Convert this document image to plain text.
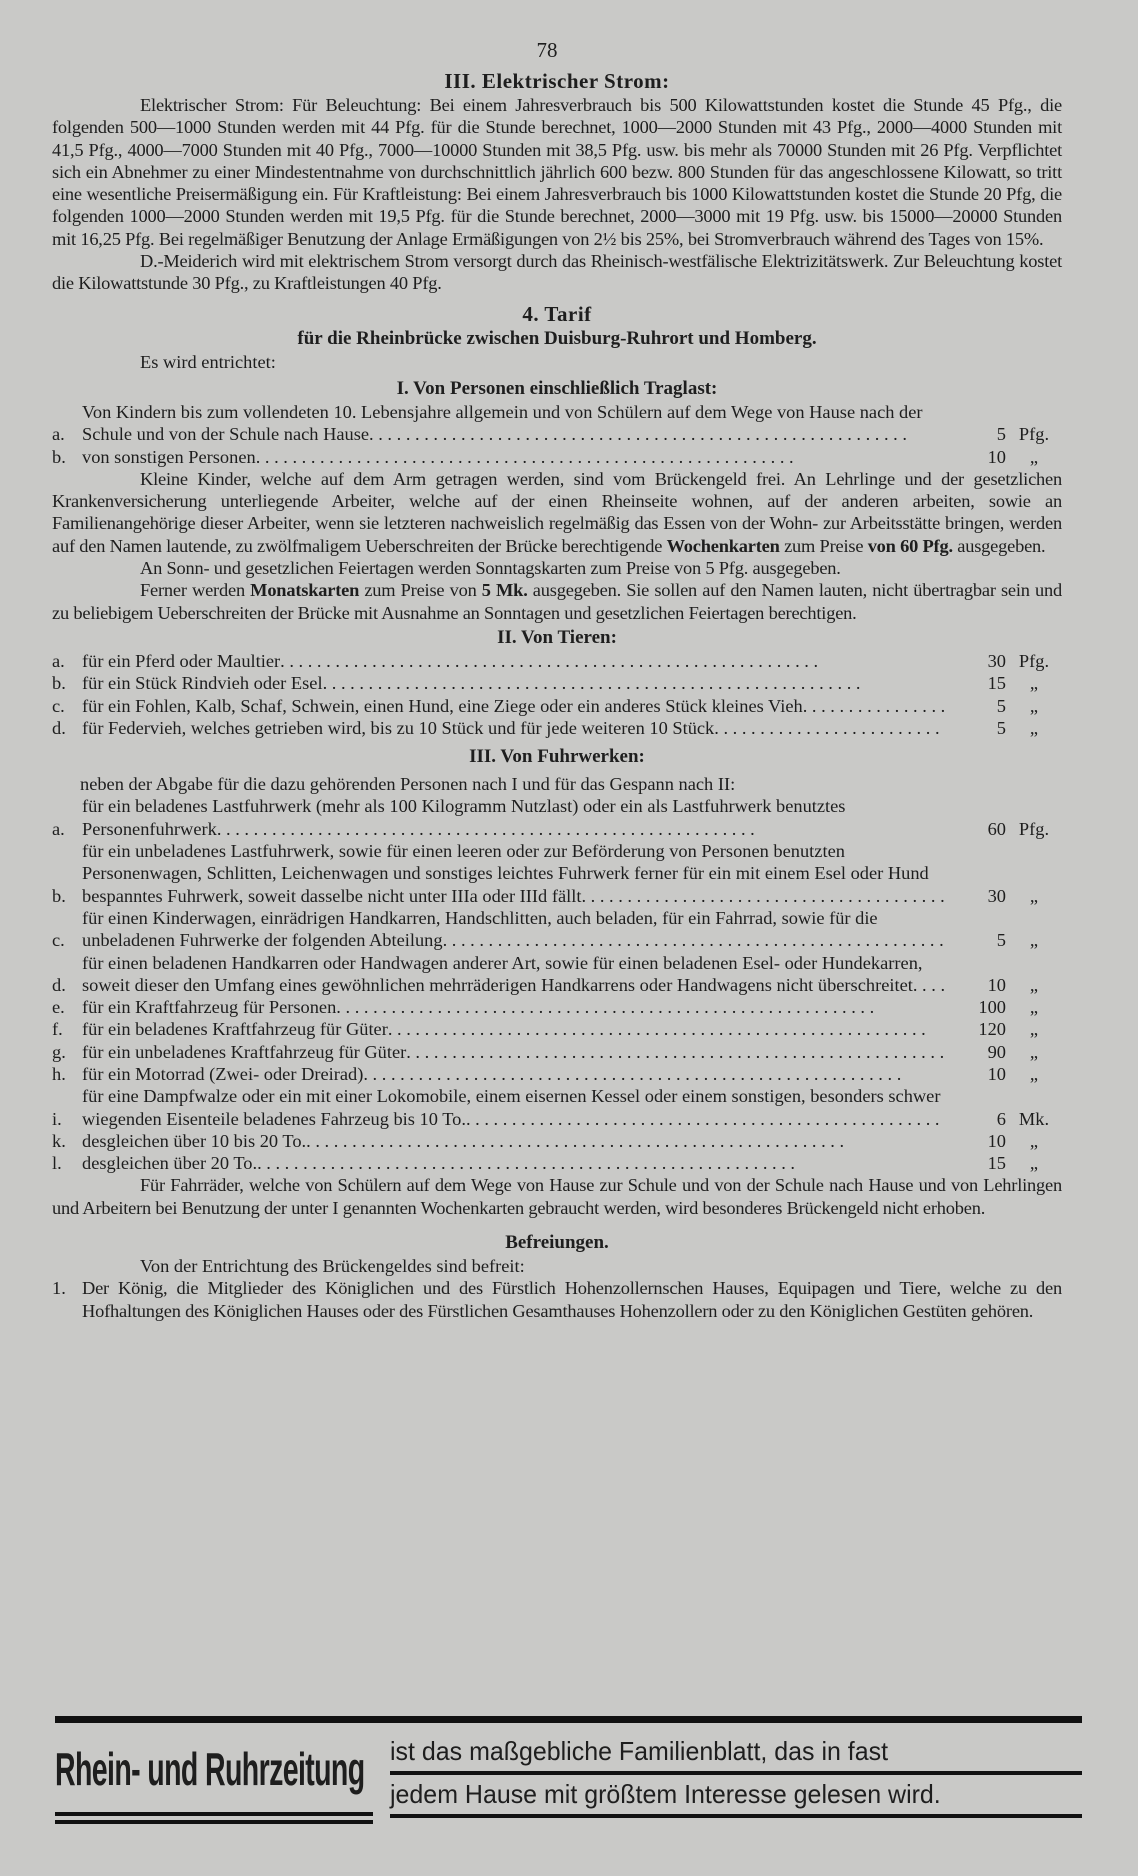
78
III. Elektrischer Strom:

Elektrischer Strom: Für Beleuchtung: Bei einem Jahresverbrauch bis 500 Kilowattstunden kostet die Stunde 45 Pfg., die folgenden 500—1000 Stunden werden mit 44 Pfg. für die Stunde berechnet, 1000—2000 Stunden mit 43 Pfg., 2000—4000 Stunden mit 41,5 Pfg., 4000—7000 Stunden mit 40 Pfg., 7000—10000 Stunden mit 38,5 Pfg. usw. bis mehr als 70000 Stunden mit 26 Pfg. Verpflichtet sich ein Abnehmer zu einer Mindestentnahme von durchschnittlich jährlich 600 bezw. 800 Stunden für das angeschlossene Kilowatt, so tritt eine wesentliche Preisermäßigung ein. Für Kraftleistung: Bei einem Jahresverbrauch bis 1000 Kilowattstunden kostet die Stunde 20 Pfg, die folgenden 1000—2000 Stunden werden mit 19,5 Pfg. für die Stunde berechnet, 2000—3000 mit 19 Pfg. usw. bis 15000—20000 Stunden mit 16,25 Pfg. Bei regelmäßiger Benutzung der Anlage Ermäßigungen von 2½ bis 25%, bei Stromverbrauch während des Tages von 15%.

D.-Meiderich wird mit elektrischem Strom versorgt durch das Rheinisch-westfälische Elektrizitätswerk. Zur Beleuchtung kostet die Kilowattstunde 30 Pfg., zu Kraftleistungen 40 Pfg.

4. Tarif
für die Rheinbrücke zwischen Duisburg-Ruhrort und Homberg.
Es wird entrichtet:
I. Von Personen einschließlich Traglast:
a.
Von Kindern bis zum vollendeten 10. Lebensjahre allgemein und von Schülern auf dem Wege von Hause nach der Schule und von der Schule nach Hause . . .	5 Pfg.
b. von sonstigen Personen . . .	10	„

Kleine Kinder, welche auf dem Arm getragen werden, sind vom Brückengeld frei. An Lehrlinge und der gesetzlichen Krankenversicherung unterliegende Arbeiter, welche auf der einen Rheinseite wohnen, auf der anderen arbeiten, sowie an Familienangehörige dieser Arbeiter, wenn sie letzteren nachweislich regelmäßig das Essen von der Wohn- zur Arbeitsstätte bringen, werden auf den Namen lautende, zu zwölfmaligem Ueberschreiten der Brücke berechtigende Wochenkarten zum Preise von 60 Pfg. ausgegeben.

An Sonn- und gesetzlichen Feiertagen werden Sonntagskarten zum Preise von 5 Pfg. ausgegeben.

Ferner werden Monatskarten zum Preise von 5 Mk. ausgegeben. Sie sollen auf den Namen lauten, nicht übertragbar sein und zu beliebigem Ueberschreiten der Brücke mit Ausnahme an Sonntagen und gesetzlichen Feiertagen berechtigen.

II. Von Tieren:
a. für ein Pferd oder Maultier . . .	30 Pfg.
b. für ein Stück Rindvieh oder Esel . . .	15	„
c. für ein Fohlen, Kalb, Schaf, Schwein, einen Hund, eine Ziege oder ein anderes Stück kleines Vieh . . .	5	„
d. für Federvieh, welches getrieben wird, bis zu 10 Stück und für jede weiteren 10 Stück . . .	5	„
III. Von Fuhrwerken:
neben der Abgabe für die dazu gehörenden Personen nach I und für das Gespann nach II:
a.
für ein beladenes Lastfuhrwerk (mehr als 100 Kilogramm Nutzlast) oder ein als Lastfuhrwerk benutztes Personenfuhrwerk . . .	60 Pfg.
b.
für ein unbeladenes Lastfuhrwerk, sowie für einen leeren oder zur Beförderung von Personen benutzten Personenwagen, Schlitten, Leichenwagen und sonstiges leichtes Fuhrwerk ferner für ein mit einem Esel oder Hund bespanntes Fuhrwerk, soweit dasselbe nicht unter IIIa oder IIId fällt . . .	30	„
c.
für einen Kinderwagen, einrädrigen Handkarren, Handschlitten, auch beladen, für ein Fahrrad, sowie für die unbeladenen Fuhrwerke der folgenden Abteilung . . .	5	„
d.
für einen beladenen Handkarren oder Handwagen anderer Art, sowie für einen beladenen Esel- oder Hundekarren, soweit dieser den Umfang eines gewöhnlichen mehrräderigen Handkarrens oder Handwagens nicht überschreitet . . .	10	„
e. für ein Kraftfahrzeug für Personen . . .	100	„
f.	für ein beladenes Kraftfahrzeug für Güter . . .	120	„
g. für ein unbeladenes Kraftfahrzeug für Güter . . .	90	„
h. für ein Motorrad (Zwei- oder Dreirad) . . .	10	„
i.
für eine Dampfwalze oder ein mit einer Lokomobile, einem eisernen Kessel oder einem sonstigen, besonders schwer wiegenden Eisenteile beladenes Fahrzeug bis 10 To. . . .	6 Mk.
k. desgleichen über 10 bis 20 To. . . .	10	„
l.	desgleichen über 20 To. . . .	15	„

Für Fahrräder, welche von Schülern auf dem Wege von Hause zur Schule und von der Schule nach Hause und von Lehrlingen und Arbeitern bei Benutzung der unter I genannten Wochenkarten gebraucht werden, wird besonderes Brückengeld nicht erhoben.

Befreiungen.
Von der Entrichtung des Brückengeldes sind befreit:
1. Der König, die Mitglieder des Königlichen und des Fürstlich Hohenzollernschen Hauses, Equipagen und Tiere, welche zu den Hofhaltungen des Königlichen Hauses oder des Fürstlichen Gesamthauses Hohenzollern oder zu den Königlichen Gestüten gehören.

Rhein- und Ruhrzeitung ist das maßgebliche Familienblatt, das in fast
jedem Hause mit größtem Interesse gelesen wird.
